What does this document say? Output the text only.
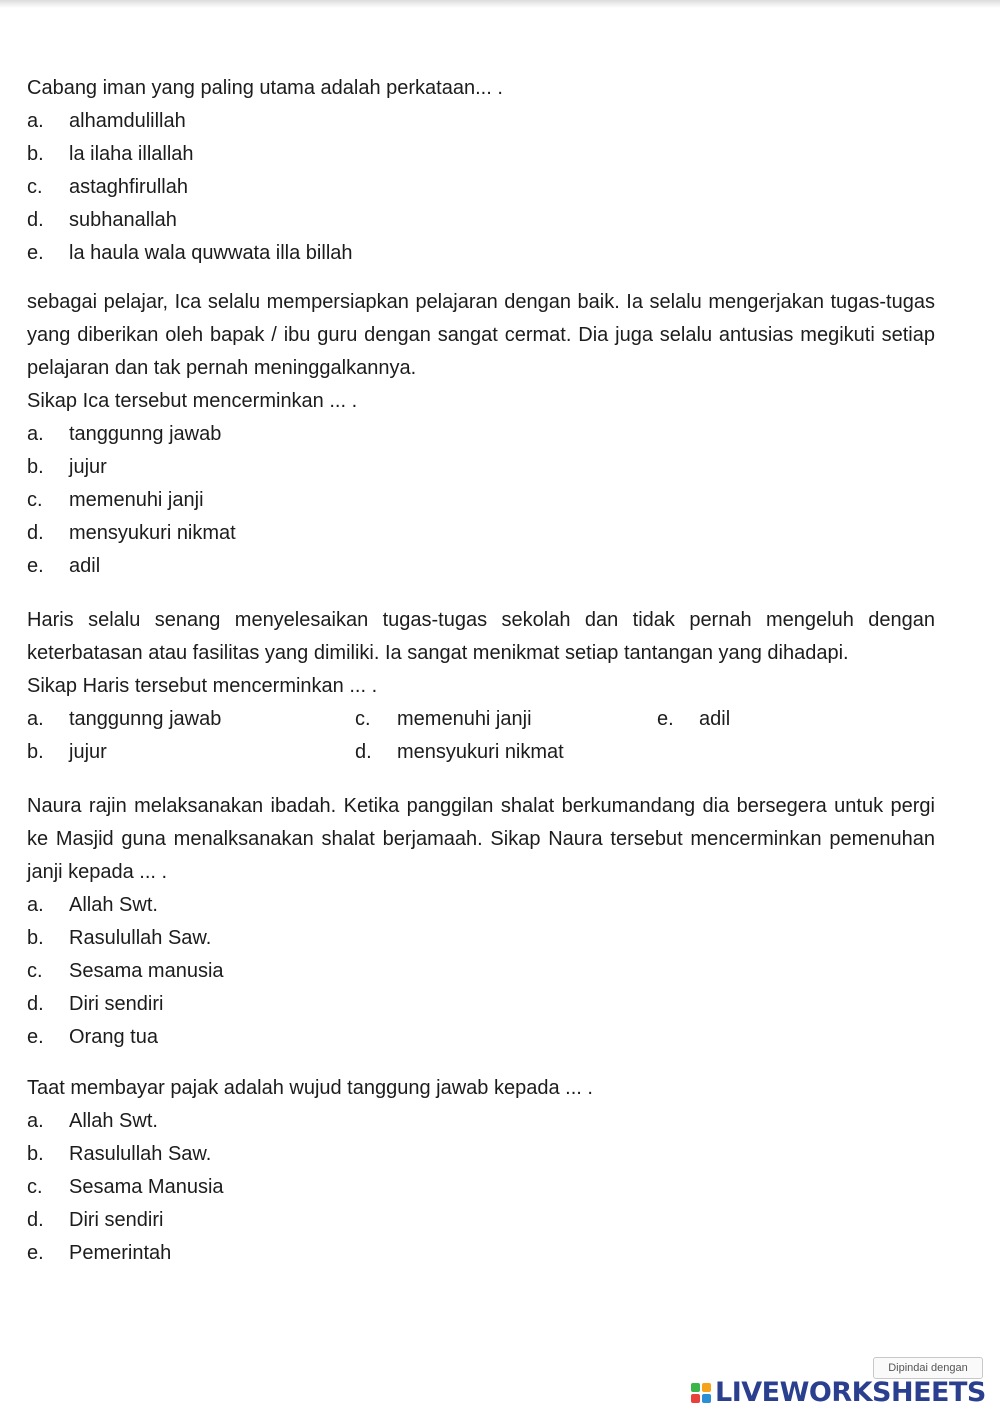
Cabang iman yang paling utama adalah perkataan... .

a.	alhamdulillah
b.	la ilaha illallah
c.	astaghfirullah
d.	subhanallah
e.	la haula wala quwwata illa billah

sebagai pelajar, Ica selalu mempersiapkan pelajaran dengan baik. Ia selalu mengerjakan tugas-tugas yang diberikan oleh bapak / ibu guru dengan sangat cermat. Dia juga selalu antusias megikuti setiap pelajaran dan tak pernah meninggalkannya.

Sikap Ica tersebut mencerminkan ... .

a.	tanggunng jawab
b.	jujur
c.	memenuhi janji
d.	mensyukuri nikmat
e.	adil

Haris selalu senang menyelesaikan tugas-tugas sekolah dan tidak pernah mengeluh dengan keterbatasan atau fasilitas yang dimiliki. Ia sangat menikmat setiap tantangan yang dihadapi.

Sikap Haris tersebut mencerminkan ... .

a.	tanggunng jawab
b.	jujur
c.	memenuhi janji
d.	mensyukuri nikmat
e.	adil

Naura rajin melaksanakan ibadah. Ketika panggilan shalat berkumandang dia bersegera untuk pergi ke Masjid guna menalksanakan shalat berjamaah. Sikap Naura tersebut mencerminkan pemenuhan janji kepada ... .

a.	Allah Swt.
b.	Rasulullah Saw.
c.	Sesama manusia
d.	Diri sendiri
e.	Orang tua

Taat membayar pajak adalah wujud tanggung jawab kepada ... .

a.	Allah Swt.
b.	Rasulullah Saw.
c.	Sesama Manusia
d.	Diri sendiri
e.	Pemerintah
Dipindai dengan
LIVEWORKSHEETS
